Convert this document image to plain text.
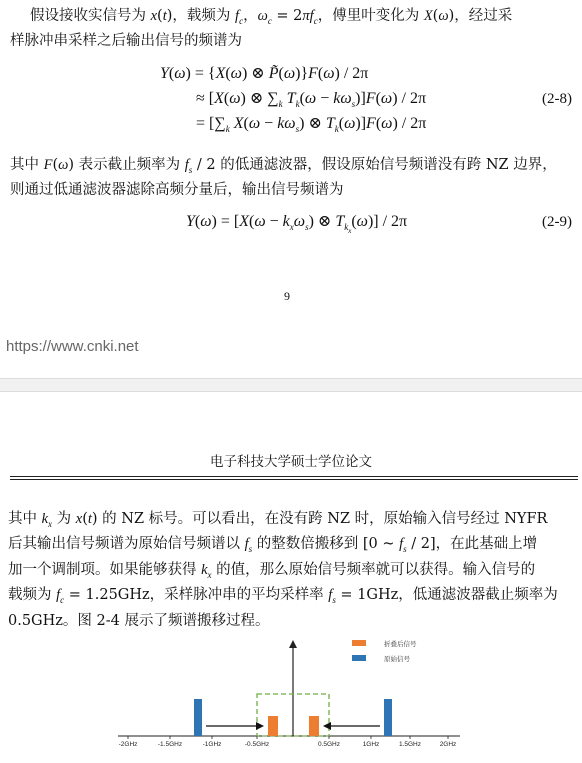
假设接收实信号为 x(t)，载频为 $f_c$，$\omega_c = 2\pi f_c$，傅里叶变化为 X(ω)，经过采
样脉冲串采样之后输出信号的频谱为
Y(ω) = {X(ω) ⊗ P̃(ω)}F(ω) / 2π
≈ [X(ω) ⊗ $\sum_k$ $T_k(\omega - k\omega_s)]F(\omega) / 2\pi$	(2-8)
= [$\sum_k$ $X(\omega - k\omega_s)$ ⊗ $T_k(\omega)]F(\omega) / 2\pi$
其中 F(ω) 表示截止频率为 $f_s / 2$ 的低通滤波器，假设原始信号频谱没有跨 NZ 边界，
则通过低通滤波器滤除高频分量后，输出信号频谱为
$Y(\omega) = [X(\omega - k_x\omega_s)$ ⊗ $T_{k_x}(\omega)] / 2\pi$	(2-9)
9
https://www.cnki.net
电子科技大学硕士学位论文
其中 $k_x$ 为 x(t) 的 NZ 标号。可以看出，在没有跨 NZ 时，原始输入信号经过 NYFR
后其输出信号频谱为原始信号频谱以 $f_s$ 的整数倍搬移到 [0 ~ $f_s / 2$]，在此基础上增
加一个调制项。如果能够获得 $k_x$ 的值，那么原始信号频率就可以获得。输入信号的
载频为 $f_c = 1.25GHz$，采样脉冲串的平均采样率 $f_s = 1GHz$，低通滤波器截止频率为
0.5GHz。图 2-4 展示了频谱搬移过程。
折叠后信号
原始信号
-2GHz	-1.5GHz	-1GHz	-0.5GHz	0.5GHz	1GHz	1.5GHz	2GHz
